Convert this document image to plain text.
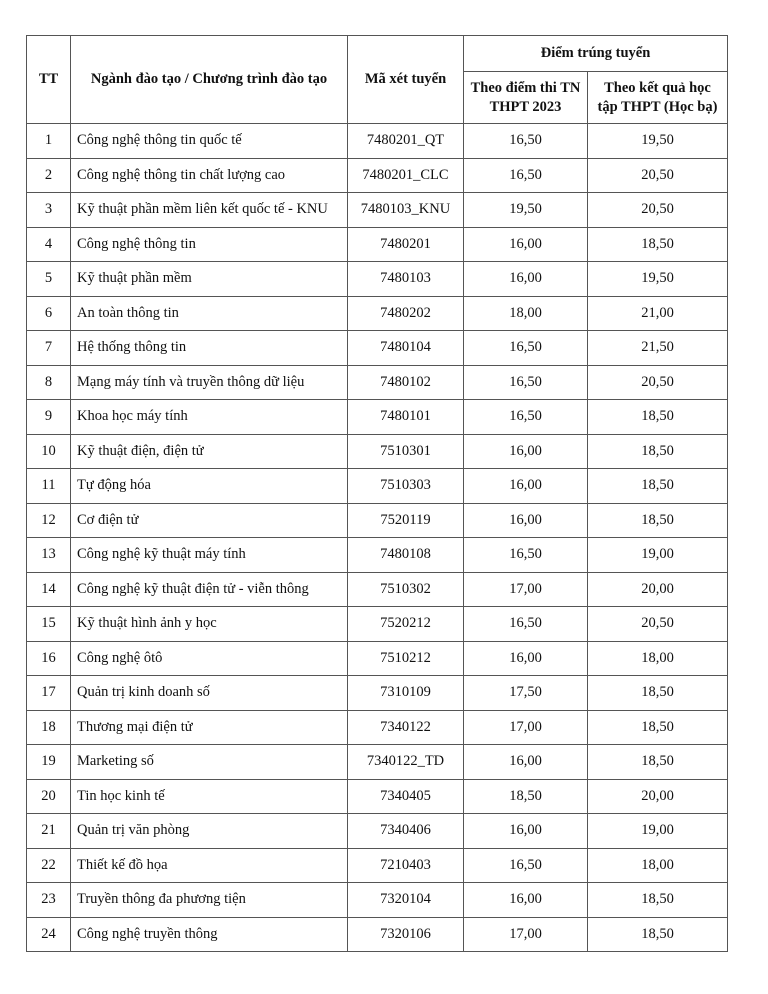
TT	Ngành đào tạo / Chương trình đào tạo	Mã xét tuyển	Điểm trúng tuyển	
			Theo điểm thi TN THPT 2023	Theo kết quả học tập THPT (Học bạ)
1	Công nghệ thông tin quốc tế	7480201_QT	16,50	19,50
2	Công nghệ thông tin chất lượng cao	7480201_CLC	16,50	20,50
3	Kỹ thuật phần mềm liên kết quốc tế - KNU	7480103_KNU	19,50	20,50
4	Công nghệ thông tin	7480201	16,00	18,50
5	Kỹ thuật phần mềm	7480103	16,00	19,50
6	An toàn thông tin	7480202	18,00	21,00
7	Hệ thống thông tin	7480104	16,50	21,50
8	Mạng máy tính và truyền thông dữ liệu	7480102	16,50	20,50
9	Khoa học máy tính	7480101	16,50	18,50
10	Kỹ thuật điện, điện tử	7510301	16,00	18,50
11	Tự động hóa	7510303	16,00	18,50
12	Cơ điện tử	7520119	16,00	18,50
13	Công nghệ kỹ thuật máy tính	7480108	16,50	19,00
14	Công nghệ kỹ thuật điện tử - viễn thông	7510302	17,00	20,00
15	Kỹ thuật hình ảnh y học	7520212	16,50	20,50
16	Công nghệ ôtô	7510212	16,00	18,00
17	Quản trị kinh doanh số	7310109	17,50	18,50
18	Thương mại điện tử	7340122	17,00	18,50
19	Marketing số	7340122_TD	16,00	18,50
20	Tin học kinh tế	7340405	18,50	20,00
21	Quản trị văn phòng	7340406	16,00	19,00
22	Thiết kế đồ họa	7210403	16,50	18,00
23	Truyền thông đa phương tiện	7320104	16,00	18,50
24	Công nghệ truyền thông	7320106	17,00	18,50
